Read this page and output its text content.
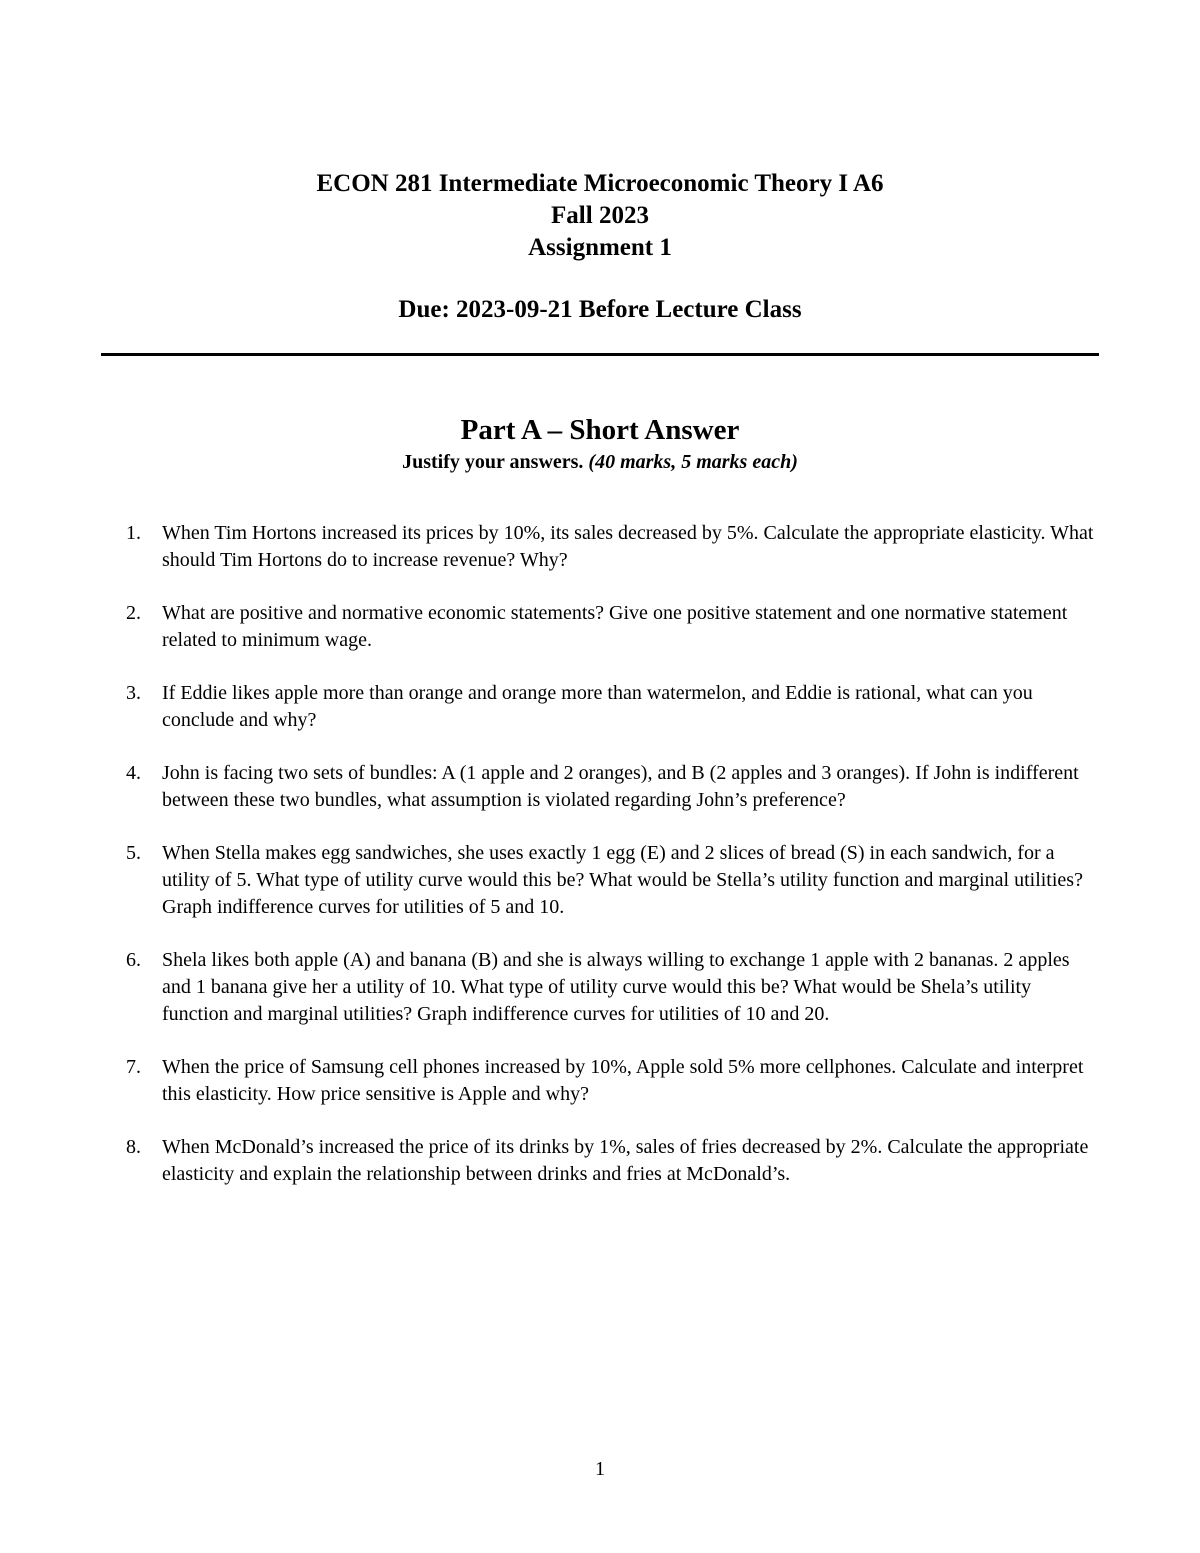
ECON 281 Intermediate Microeconomic Theory I A6
Fall 2023
Assignment 1
Due: 2023-09-21 Before Lecture Class
Part A – Short Answer
Justify your answers. (40 marks, 5 marks each)
1. When Tim Hortons increased its prices by 10%, its sales decreased by 5%. Calculate the appropriate elasticity. What should Tim Hortons do to increase revenue? Why?
2. What are positive and normative economic statements? Give one positive statement and one normative statement related to minimum wage.
3. If Eddie likes apple more than orange and orange more than watermelon, and Eddie is rational, what can you conclude and why?
4. John is facing two sets of bundles: A (1 apple and 2 oranges), and B (2 apples and 3 oranges). If John is indifferent between these two bundles, what assumption is violated regarding John’s preference?
5. When Stella makes egg sandwiches, she uses exactly 1 egg (E) and 2 slices of bread (S) in each sandwich, for a utility of 5. What type of utility curve would this be? What would be Stella’s utility function and marginal utilities? Graph indifference curves for utilities of 5 and 10.
6. Shela likes both apple (A) and banana (B) and she is always willing to exchange 1 apple with 2 bananas. 2 apples and 1 banana give her a utility of 10. What type of utility curve would this be? What would be Shela’s utility function and marginal utilities? Graph indifference curves for utilities of 10 and 20.
7. When the price of Samsung cell phones increased by 10%, Apple sold 5% more cellphones. Calculate and interpret this elasticity. How price sensitive is Apple and why?
8. When McDonald’s increased the price of its drinks by 1%, sales of fries decreased by 2%. Calculate the appropriate elasticity and explain the relationship between drinks and fries at McDonald’s.
1
